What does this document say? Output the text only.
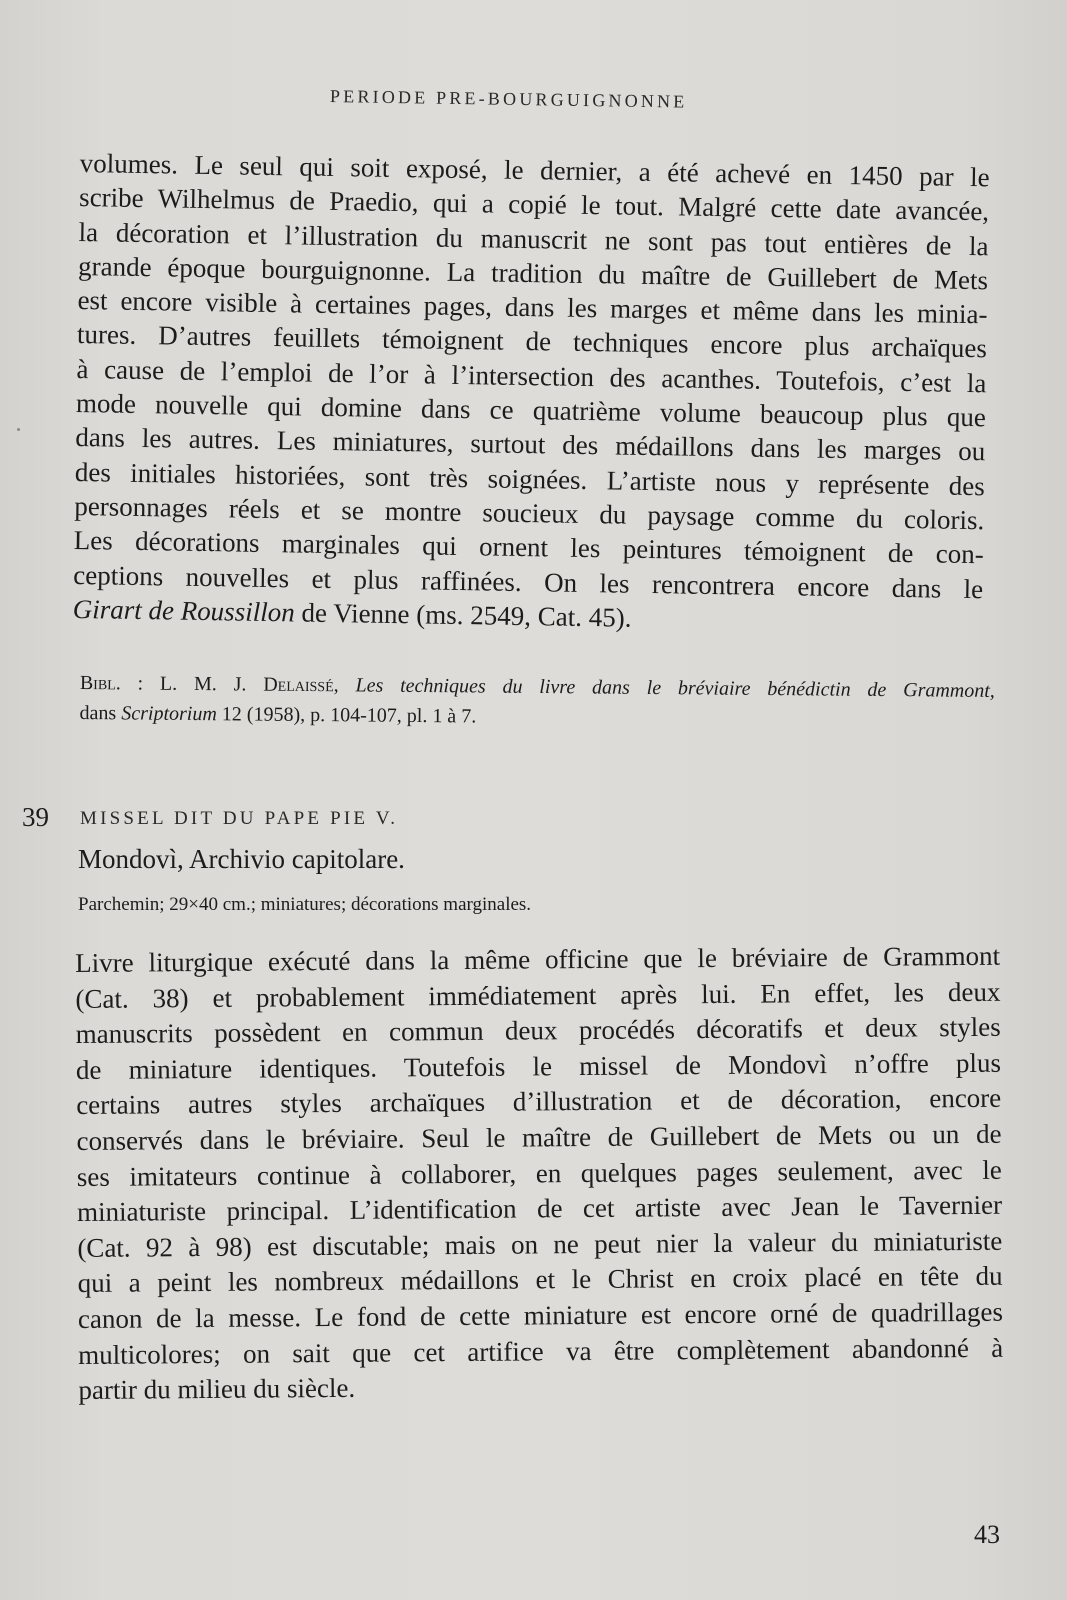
PERIODE PRE-BOURGUIGNONNE
volumes. Le seul qui soit exposé, le dernier, a été achevé en 1450 par le
scribe Wilhelmus de Praedio, qui a copié le tout. Malgré cette date avancée,
la décoration et l’illustration du manuscrit ne sont pas tout entières de la
grande époque bourguignonne. La tradition du maître de Guillebert de Mets
est encore visible à certaines pages, dans les marges et même dans les minia-
tures. D’autres feuillets témoignent de techniques encore plus archaïques
à cause de l’emploi de l’or à l’intersection des acanthes. Toutefois, c’est la
mode nouvelle qui domine dans ce quatrième volume beaucoup plus que
dans les autres. Les miniatures, surtout des médaillons dans les marges ou
des initiales historiées, sont très soignées. L’artiste nous y représente des
personnages réels et se montre soucieux du paysage comme du coloris.
Les décorations marginales qui ornent les peintures témoignent de con-
ceptions nouvelles et plus raffinées. On les rencontrera encore dans le
Girart de Roussillon de Vienne (ms. 2549, Cat. 45).
Bibl. : L. M. J. Delaissé, Les techniques du livre dans le bréviaire bénédictin de Grammont,
dans Scriptorium 12 (1958), p. 104-107, pl. 1 à 7.
39 MISSEL DIT DU PAPE PIE V.
Mondovì, Archivio capitolare.
Parchemin; 29×40 cm.; miniatures; décorations marginales.
Livre liturgique exécuté dans la même officine que le bréviaire de Grammont
(Cat. 38) et probablement immédiatement après lui. En effet, les deux
manuscrits possèdent en commun deux procédés décoratifs et deux styles
de miniature identiques. Toutefois le missel de Mondovì n’offre plus
certains autres styles archaïques d’illustration et de décoration, encore
conservés dans le bréviaire. Seul le maître de Guillebert de Mets ou un de
ses imitateurs continue à collaborer, en quelques pages seulement, avec le
miniaturiste principal. L’identification de cet artiste avec Jean le Tavernier
(Cat. 92 à 98) est discutable; mais on ne peut nier la valeur du miniaturiste
qui a peint les nombreux médaillons et le Christ en croix placé en tête du
canon de la messe. Le fond de cette miniature est encore orné de quadrillages
multicolores; on sait que cet artifice va être complètement abandonné à
partir du milieu du siècle.
43
